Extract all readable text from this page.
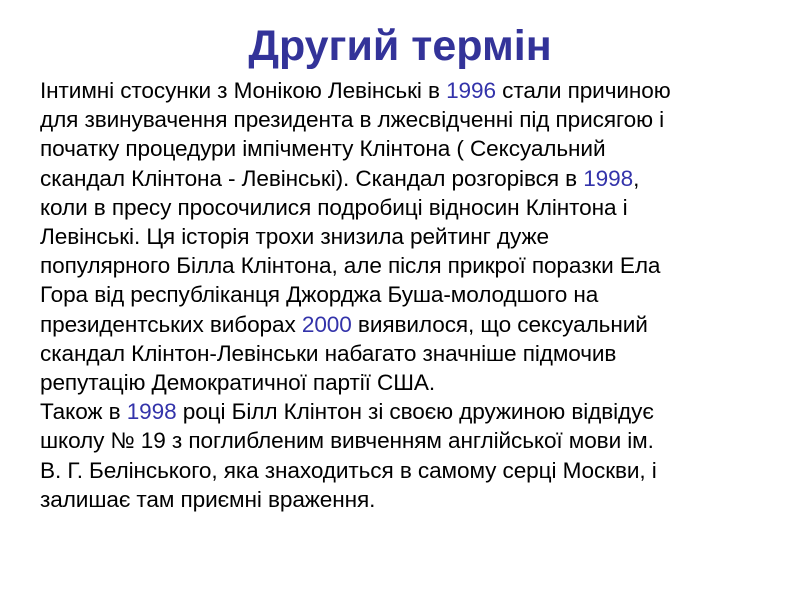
Другий термін
Інтимні стосунки з Монікою Левінські в 1996 стали причиною
для звинувачення президента в лжесвідченні під присягою і
початку процедури імпічменту Клінтона ( Сексуальний
скандал Клінтона - Левінські). Скандал розгорівся в 1998,
коли в пресу просочилися подробиці відносин Клінтона і
Левінські. Ця історія трохи знизила рейтинг дуже
популярного Білла Клінтона, але після прикрої поразки Ела
Гора від республіканця Джорджа Буша-молодшого на
президентських виборах 2000 виявилося, що сексуальний
скандал Клінтон-Левінськи набагато значніше підмочив
репутацію Демократичної партії США.
Також в 1998 році Білл Клінтон зі своєю дружиною відвідує
школу № 19 з поглибленим вивченням англійської мови ім.
В. Г. Белінського, яка знаходиться в самому серці Москви, і
залишає там приємні враження.
